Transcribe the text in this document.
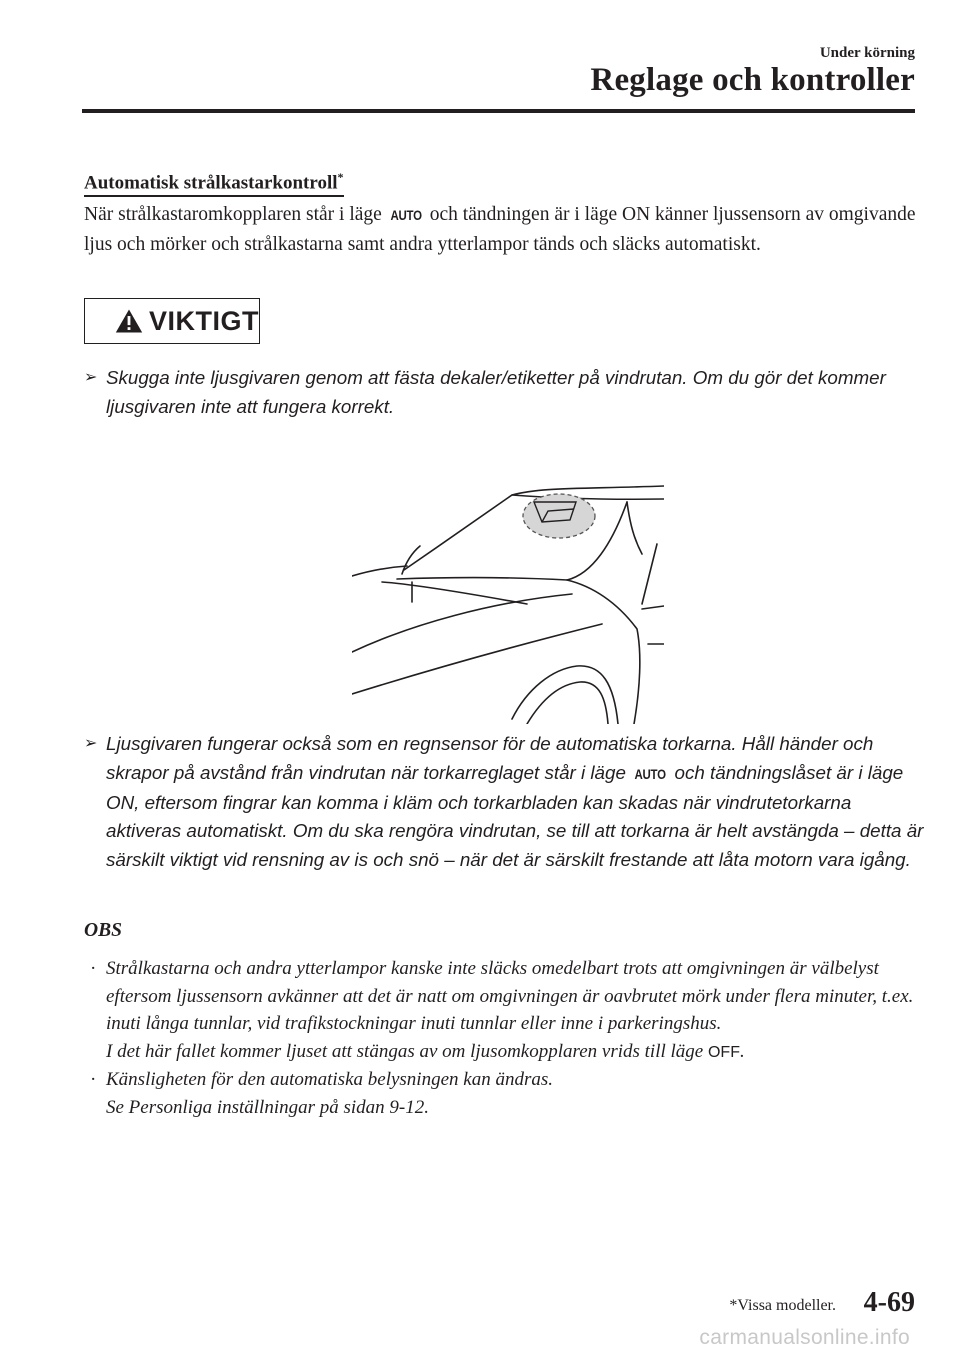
Under körning
Reglage och kontroller
Automatisk strålkastarkontroll*
När strålkastaromkopplaren står i läge AUTO och tändningen är i läge ON känner ljussensorn av omgivande ljus och mörker och strålkastarna samt andra ytterlampor tänds och släcks automatiskt.
VIKTIGT
➢ Skugga inte ljusgivaren genom att fästa dekaler/etiketter på vindrutan. Om du gör det kommer ljusgivaren inte att fungera korrekt.
➢ Ljusgivaren fungerar också som en regnsensor för de automatiska torkarna. Håll händer och skrapor på avstånd från vindrutan när torkarreglaget står i läge AUTO och tändningslåset är i läge ON, eftersom fingrar kan komma i kläm och torkarbladen kan skadas när vindrutetorkarna aktiveras automatiskt. Om du ska rengöra vindrutan, se till att torkarna är helt avstängda – detta är särskilt viktigt vid rensning av is och snö – när det är särskilt frestande att låta motorn vara igång.
OBS
· Strålkastarna och andra ytterlampor kanske inte släcks omedelbart trots att omgivningen är välbelyst eftersom ljussensorn avkänner att det är natt om omgivningen är oavbrutet mörk under flera minuter, t.ex. inuti långa tunnlar, vid trafikstockningar inuti tunnlar eller inne i parkeringshus.
I det här fallet kommer ljuset att stängas av om ljusomkopplaren vrids till läge OFF.
· Känsligheten för den automatiska belysningen kan ändras.
Se Personliga inställningar på sidan 9-12.
*Vissa modeller. 4-69
carmanualsonline.info
